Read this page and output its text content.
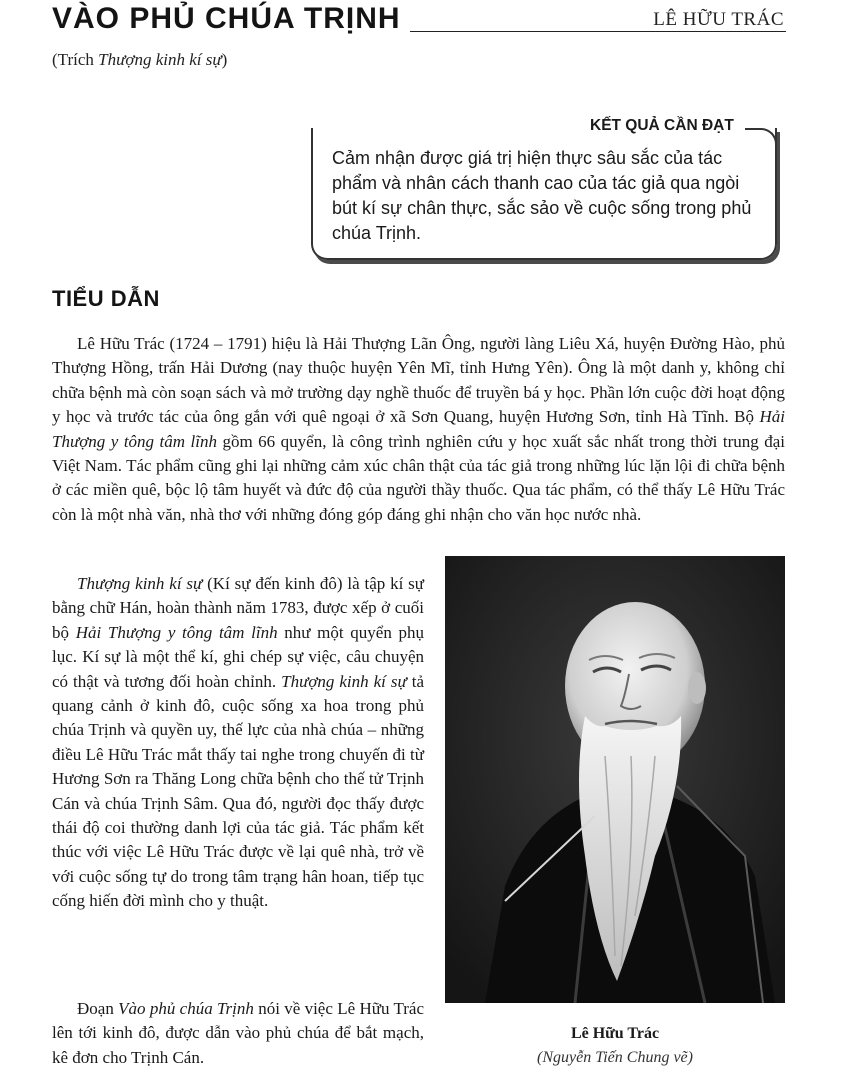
VÀO PHỦ CHÚA TRỊNH	LÊ HỮU TRÁC
(Trích Thượng kinh kí sự)
KẾT QUẢ CẦN ĐẠT

Cảm nhận được giá trị hiện thực sâu sắc của tác phẩm và nhân cách thanh cao của tác giả qua ngòi bút kí sự chân thực, sắc sảo về cuộc sống trong phủ chúa Trịnh.

TIỂU DẪN

Lê Hữu Trác (1724 – 1791) hiệu là Hải Thượng Lãn Ông, người làng Liêu Xá, huyện Đường Hào, phủ Thượng Hồng, trấn Hải Dương (nay thuộc huyện Yên Mĩ, tỉnh Hưng Yên). Ông là một danh y, không chỉ chữa bệnh mà còn soạn sách và mở trường dạy nghề thuốc để truyền bá y học. Phần lớn cuộc đời hoạt động y học và trước tác của ông gắn với quê ngoại ở xã Sơn Quang, huyện Hương Sơn, tỉnh Hà Tĩnh. Bộ Hải Thượng y tông tâm lĩnh gồm 66 quyển, là công trình nghiên cứu y học xuất sắc nhất trong thời trung đại Việt Nam. Tác phẩm cũng ghi lại những cảm xúc chân thật của tác giả trong những lúc lặn lội đi chữa bệnh ở các miền quê, bộc lộ tâm huyết và đức độ của người thầy thuốc. Qua tác phẩm, có thể thấy Lê Hữu Trác còn là một nhà văn, nhà thơ với những đóng góp đáng ghi nhận cho văn học nước nhà.

Thượng kinh kí sự (Kí sự đến kinh đô) là tập kí sự bằng chữ Hán, hoàn thành năm 1783, được xếp ở cuối bộ Hải Thượng y tông tâm lĩnh như một quyển phụ lục. Kí sự là một thể kí, ghi chép sự việc, câu chuyện có thật và tương đối hoàn chỉnh. Thượng kinh kí sự tả quang cảnh ở kinh đô, cuộc sống xa hoa trong phủ chúa Trịnh và quyền uy, thế lực của nhà chúa – những điều Lê Hữu Trác mắt thấy tai nghe trong chuyến đi từ Hương Sơn ra Thăng Long chữa bệnh cho thế tử Trịnh Cán và chúa Trịnh Sâm. Qua đó, người đọc thấy được thái độ coi thường danh lợi của tác giả. Tác phẩm kết thúc với việc Lê Hữu Trác được về lại quê nhà, trở về với cuộc sống tự do trong tâm trạng hân hoan, tiếp tục cống hiến đời mình cho y thuật.

Đoạn Vào phủ chúa Trịnh nói về việc Lê Hữu Trác lên tới kinh đô, được dẫn vào phủ chúa để bắt mạch, kê đơn cho Trịnh Cán.

Lê Hữu Trác
(Nguyễn Tiến Chung vẽ)
